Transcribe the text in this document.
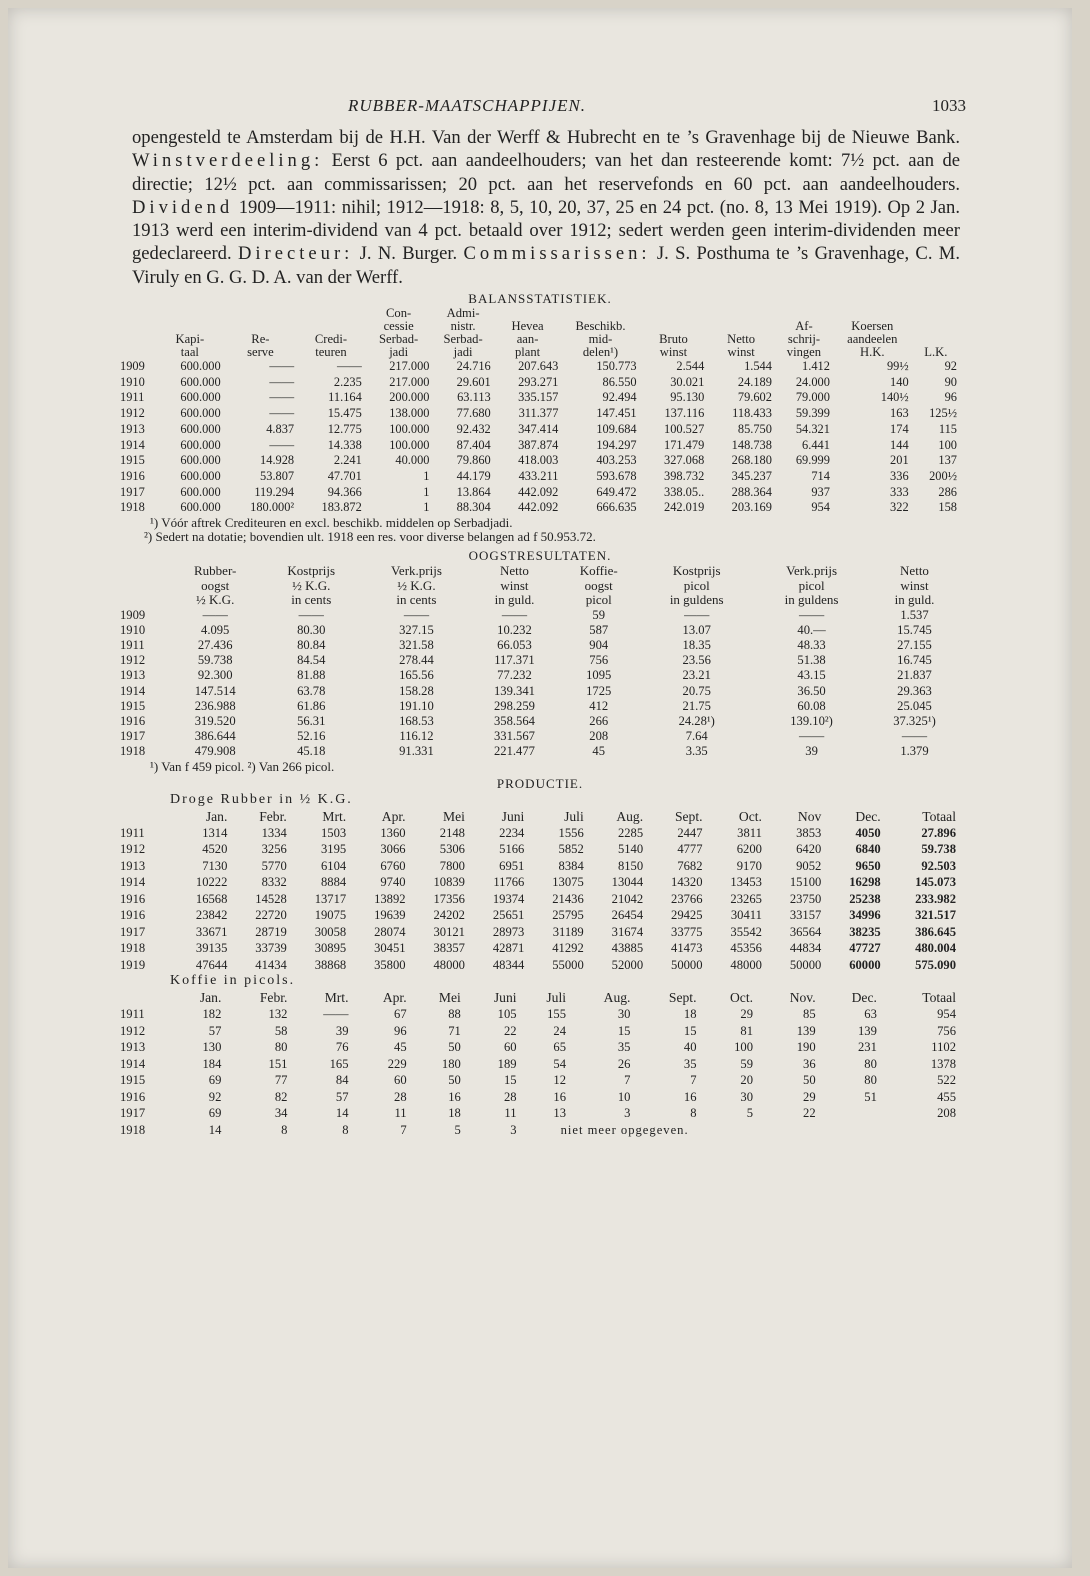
RUBBER-MAATSCHAPPIJEN.	1033
opengesteld te Amsterdam bij de H.H. Van der Werff & Hubrecht en te ’s Gravenhage bij de Nieuwe Bank. Winstverdeeling: Eerst 6 pct. aan aandeelhouders; van het dan resteerende komt: 7½ pct. aan de directie; 12½ pct. aan commissarissen; 20 pct. aan het reservefonds en 60 pct. aan aandeelhouders. Dividend 1909—1911: nihil; 1912—1918: 8, 5, 10, 20, 37, 25 en 24 pct. (no. 8, 13 Mei 1919). Op 2 Jan. 1913 werd een interim-dividend van 4 pct. betaald over 1912; sedert werden geen interim-dividenden meer gedeclareerd. Directeur: J. N. Burger. Commissarissen: J. S. Posthuma te ’s Gravenhage, C. M. Viruly en G. G. D. A. van der Werff.
BALANSSTATISTIEK.
				Con-	Admi-							
				cessie	nistr.	Hevea	Beschikb.			Af-	Koersen	
	Kapi-	Re-	Credi-	Serbad-	Serbad-	aan-	mid-	Bruto	Netto	schrij-	aandeelen	
	taal	serve	teuren	jadi	jadi	plant	delen¹)	winst	winst	vingen	H.K.	L.K.
1909	600.000	——	——	217.000	24.716	207.643	150.773	2.544	1.544	1.412	99½	92
1910	600.000	——	2.235	217.000	29.601	293.271	86.550	30.021	24.189	24.000	140	90
1911	600.000	——	11.164	200.000	63.113	335.157	92.494	95.130	79.602	79.000	140½	96
1912	600.000	——	15.475	138.000	77.680	311.377	147.451	137.116	118.433	59.399	163	125½
1913	600.000	4.837	12.775	100.000	92.432	347.414	109.684	100.527	85.750	54.321	174	115
1914	600.000	——	14.338	100.000	87.404	387.874	194.297	171.479	148.738	6.441	144	100
1915	600.000	14.928	2.241	40.000	79.860	418.003	403.253	327.068	268.180	69.999	201	137
1916	600.000	53.807	47.701	1	44.179	433.211	593.678	398.732	345.237	714	336	200½
1917	600.000	119.294	94.366	1	13.864	442.092	649.472	338.05..	288.364	937	333	286
1918	600.000	180.000²	183.872	1	88.304	442.092	666.635	242.019	203.169	954	322	158
¹) Vóór aftrek Crediteuren en excl. beschikb. middelen op Serbadjadi.
²) Sedert na dotatie; bovendien ult. 1918 een res. voor diverse belangen ad f 50.953.72.
OOGSTRESULTATEN.
	Rubber-	Kostprijs	Verk.prijs	Netto	Koffie-	Kostprijs	Verk.prijs	Netto
	oogst	½ K.G.	½ K.G.	winst	oogst	picol	picol	winst
	½ K.G.	in cents	in cents	in guld.	picol	in guldens	in guldens	in guld.
1909	——	——	——	——	59	——	——	1.537
1910	4.095	80.30	327.15	10.232	587	13.07	40.—	15.745
1911	27.436	80.84	321.58	66.053	904	18.35	48.33	27.155
1912	59.738	84.54	278.44	117.371	756	23.56	51.38	16.745
1913	92.300	81.88	165.56	77.232	1095	23.21	43.15	21.837
1914	147.514	63.78	158.28	139.341	1725	20.75	36.50	29.363
1915	236.988	61.86	191.10	298.259	412	21.75	60.08	25.045
1916	319.520	56.31	168.53	358.564	266	24.28¹)	139.10²)	37.325¹)
1917	386.644	52.16	116.12	331.567	208	7.64	——	——
1918	479.908	45.18	91.331	221.477	45	3.35	39	1.379
¹) Van f 459 picol. ²) Van 266 picol.
PRODUCTIE.
Droge Rubber in ½ K.G.
	Jan.	Febr.	Mrt.	Apr.	Mei	Juni	Juli	Aug.	Sept.	Oct.	Nov	Dec.	Totaal
1911	1314	1334	1503	1360	2148	2234	1556	2285	2447	3811	3853	4050	27.896
1912	4520	3256	3195	3066	5306	5166	5852	5140	4777	6200	6420	6840	59.738
1913	7130	5770	6104	6760	7800	6951	8384	8150	7682	9170	9052	9650	92.503
1914	10222	8332	8884	9740	10839	11766	13075	13044	14320	13453	15100	16298	145.073
1916	16568	14528	13717	13892	17356	19374	21436	21042	23766	23265	23750	25238	233.982
1916	23842	22720	19075	19639	24202	25651	25795	26454	29425	30411	33157	34996	321.517
1917	33671	28719	30058	28074	30121	28973	31189	31674	33775	35542	36564	38235	386.645
1918	39135	33739	30895	30451	38357	42871	41292	43885	41473	45356	44834	47727	480.004
1919	47644	41434	38868	35800	48000	48344	55000	52000	50000	48000	50000	60000	575.090
Koffie in picols.
	Jan.	Febr.	Mrt.	Apr.	Mei	Juni	Juli	Aug.	Sept.	Oct.	Nov.	Dec.	Totaal
1911	182	132	——	67	88	105	155	30	18	29	85	63	954
1912	57	58	39	96	71	22	24	15	15	81	139	139	756
1913	130	80	76	45	50	60	65	35	40	100	190	231	1102
1914	184	151	165	229	180	189	54	26	35	59	36	80	1378
1915	69	77	84	60	50	15	12	7	7	20	50	80	522
1916	92	82	57	28	16	28	16	10	16	30	29	51	455
1917	69	34	14	11	18	11	13	3	8	5	22		208
1918	14	8	8	7	5	3	niet meer opgegeven.						
